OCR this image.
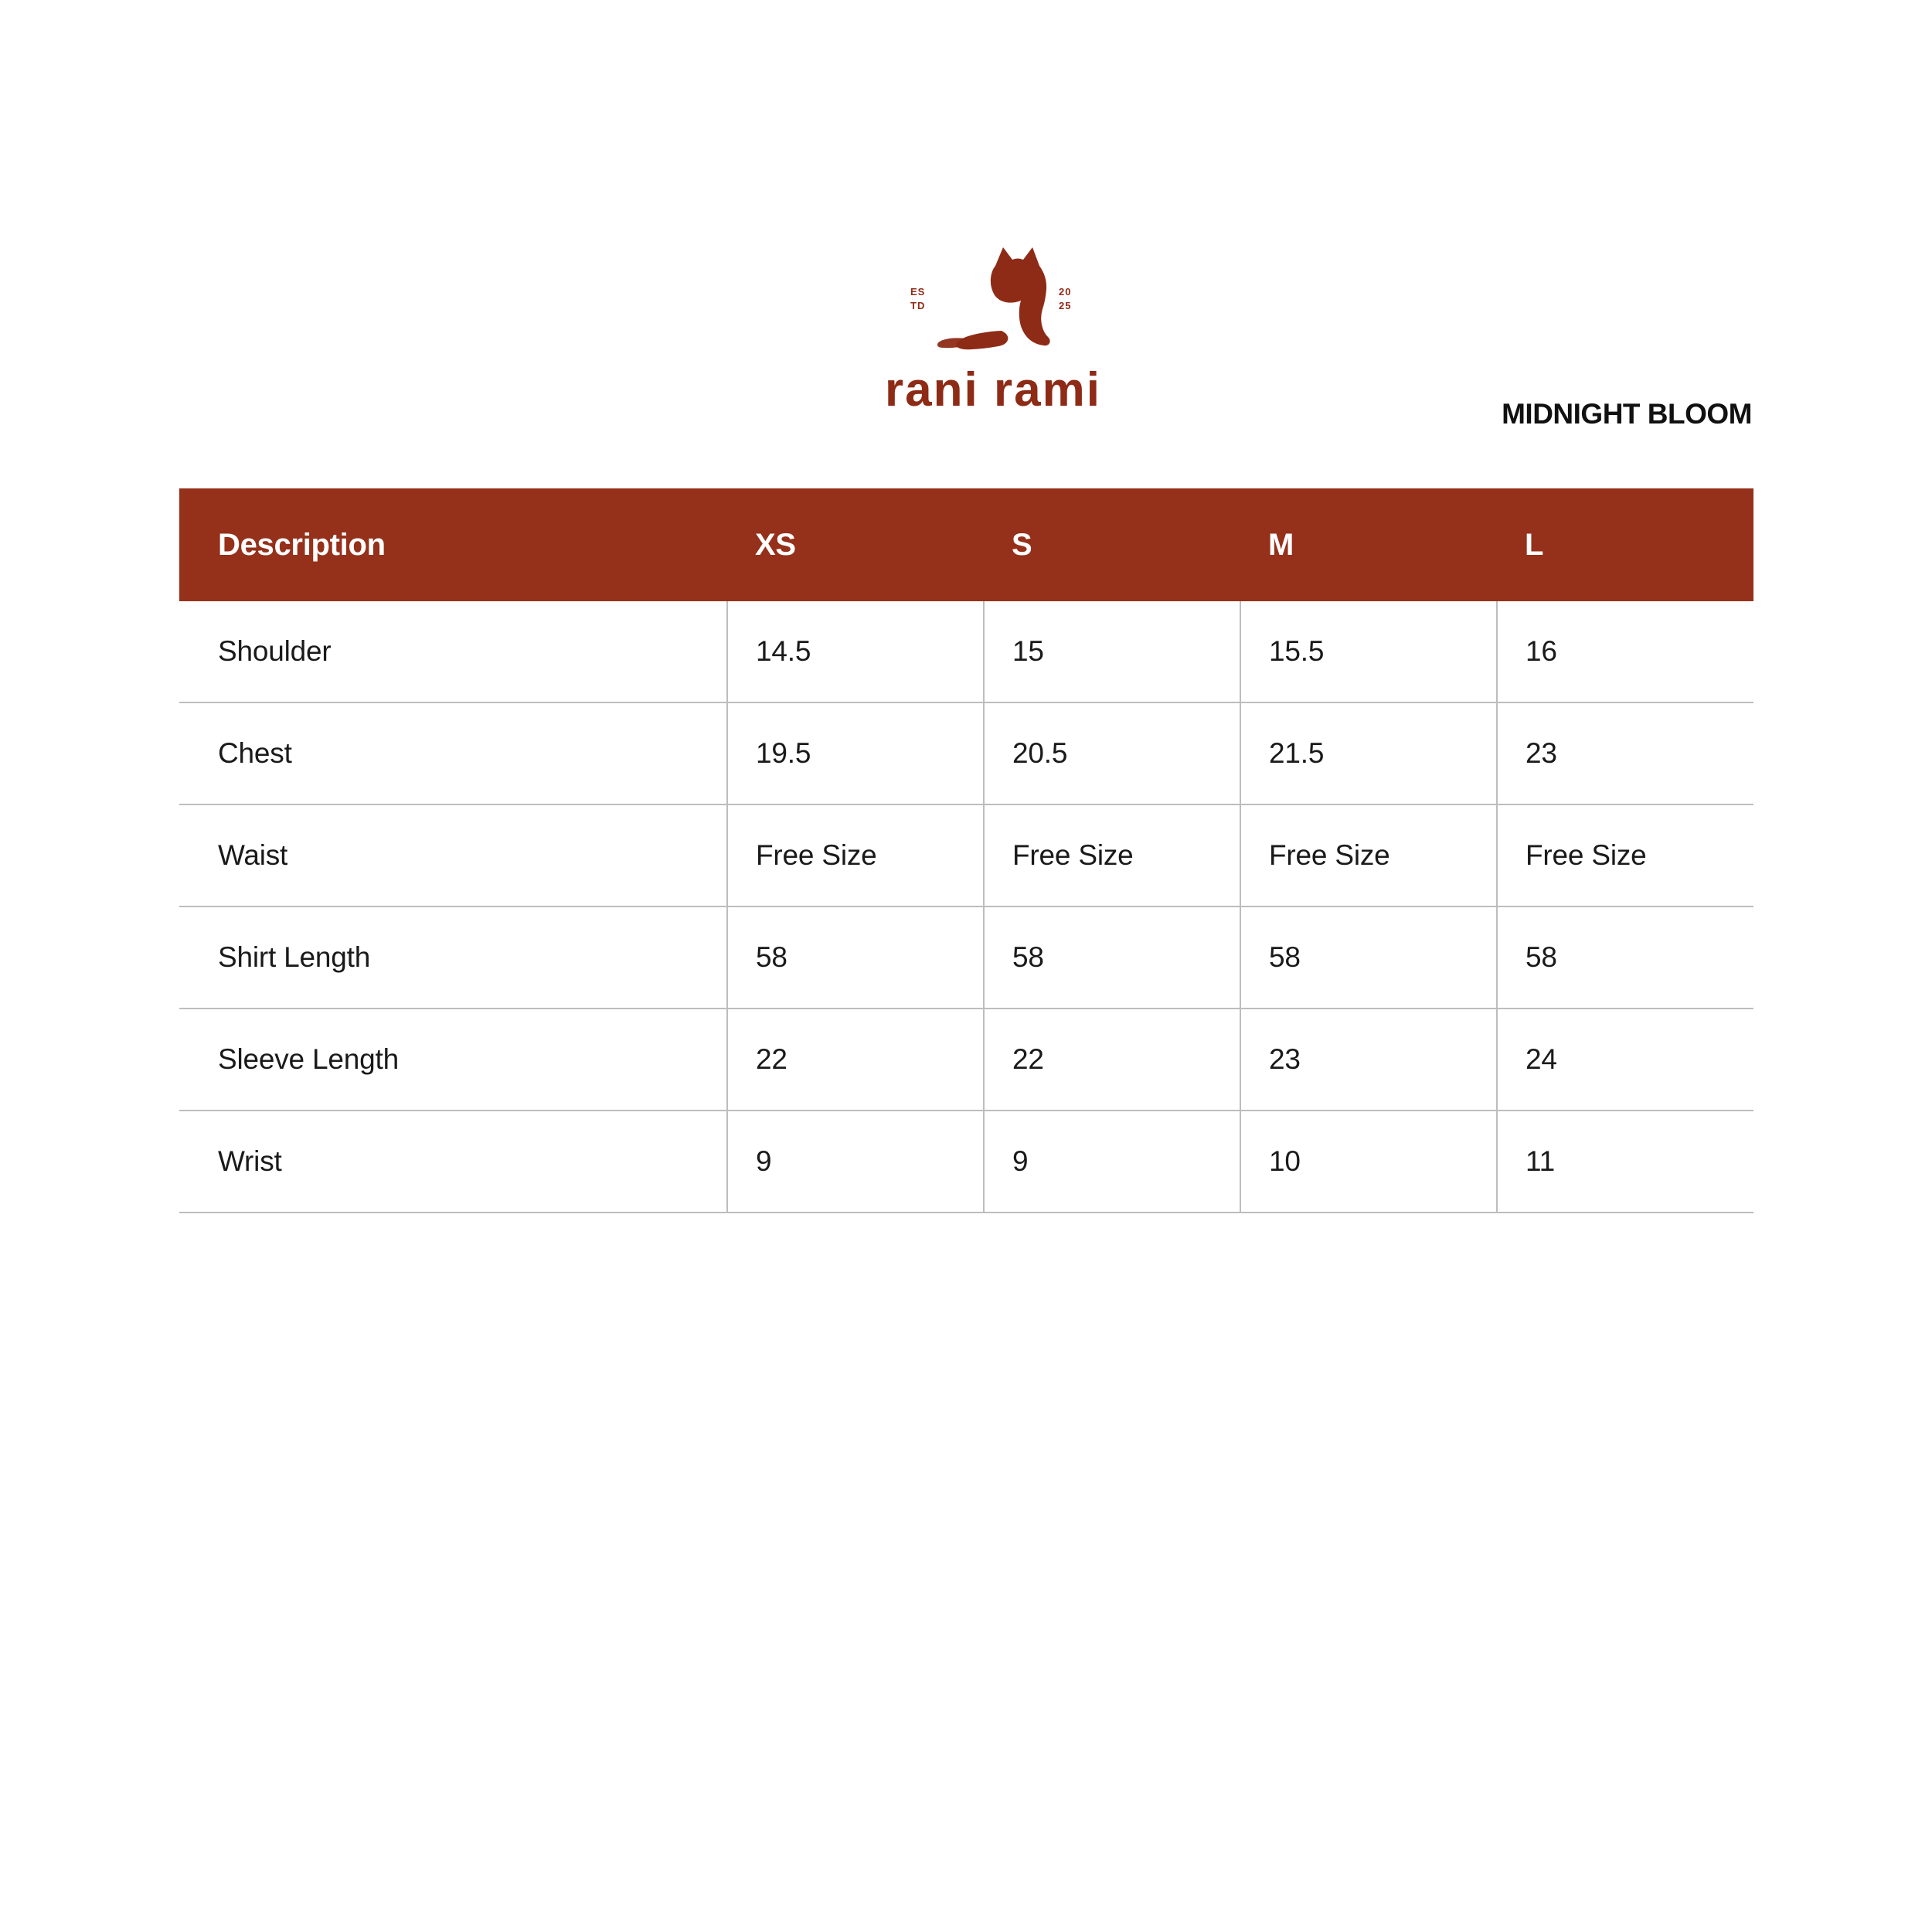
ES
TD
20
25
rani rami	MIDNIGHT BLOOM
Description	XS	S	M	L
Shoulder	14.5	15	15.5	16
Chest	19.5	20.5	21.5	23
Waist	Free Size	Free Size	Free Size	Free Size
Shirt Length	58	58	58	58
Sleeve Length	22	22	23	24
Wrist	9	9	10	11
